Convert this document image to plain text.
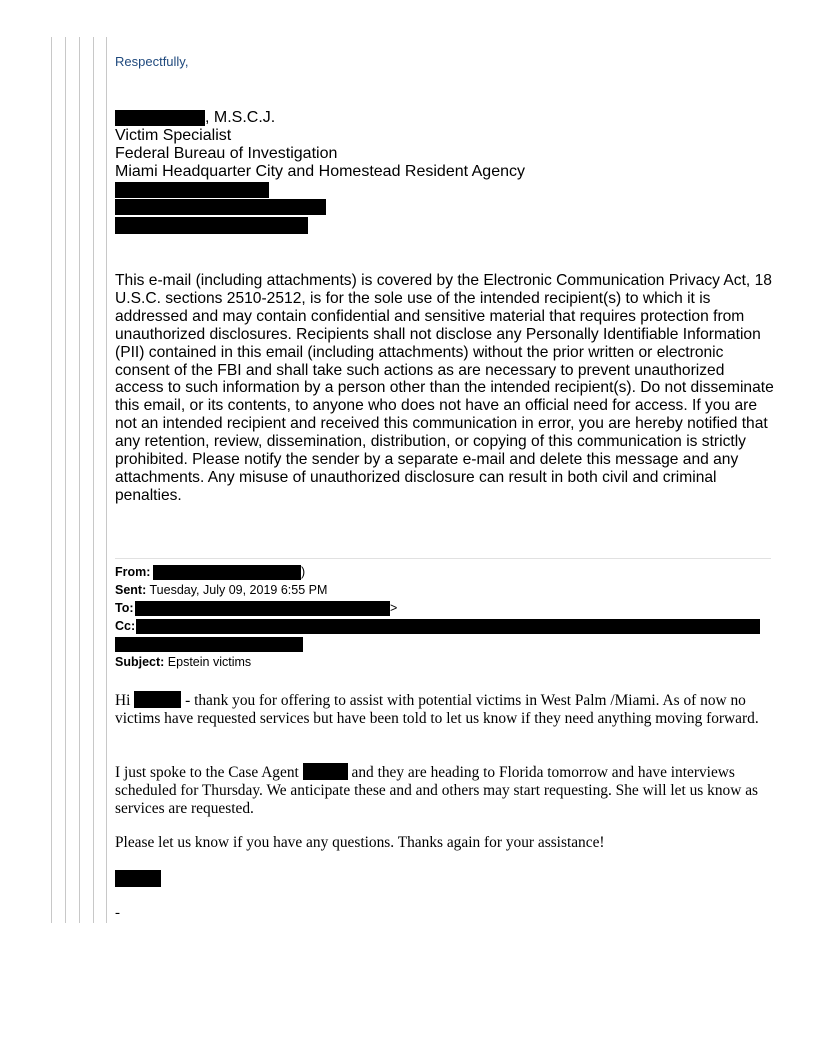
Respectfully,
, M.S.C.J.
Victim Specialist
Federal Bureau of Investigation
Miami Headquarter City and Homestead Resident Agency
This e-mail (including attachments) is covered by the Electronic Communication Privacy Act, 18 U.S.C. sections 2510-2512, is for the sole use of the intended recipient(s) to which it is addressed and may contain confidential and sensitive material that requires protection from unauthorized disclosures. Recipients shall not disclose any Personally Identifiable Information (PII) contained in this email (including attachments) without the prior written or electronic consent of the FBI and shall take such actions as are necessary to prevent unauthorized access to such information by a person other than the intended recipient(s). Do not disseminate this email, or its contents, to anyone who does not have an official need for access. If you are not an intended recipient and received this communication in error, you are hereby notified that any retention, review, dissemination, distribution, or copying of this communication is strictly prohibited. Please notify the sender by a separate e-mail and delete this message and any attachments. Any misuse of unauthorized disclosure can result in both civil and criminal penalties.
From:	)
Sent: Tuesday, July 09, 2019 6:55 PM
To:	>
Cc:
Subject: Epstein victims
Hi	- thank you for offering to assist with potential victims in West Palm /Miami. As of now no victims have requested services but have been told to let us know if they need anything moving forward.
I just spoke to the Case Agent	and they are heading to Florida tomorrow and have interviews scheduled for Thursday. We anticipate these and and others may start requesting. She will let us know as services are requested.
Please let us know if you have any questions. Thanks again for your assistance!
-
